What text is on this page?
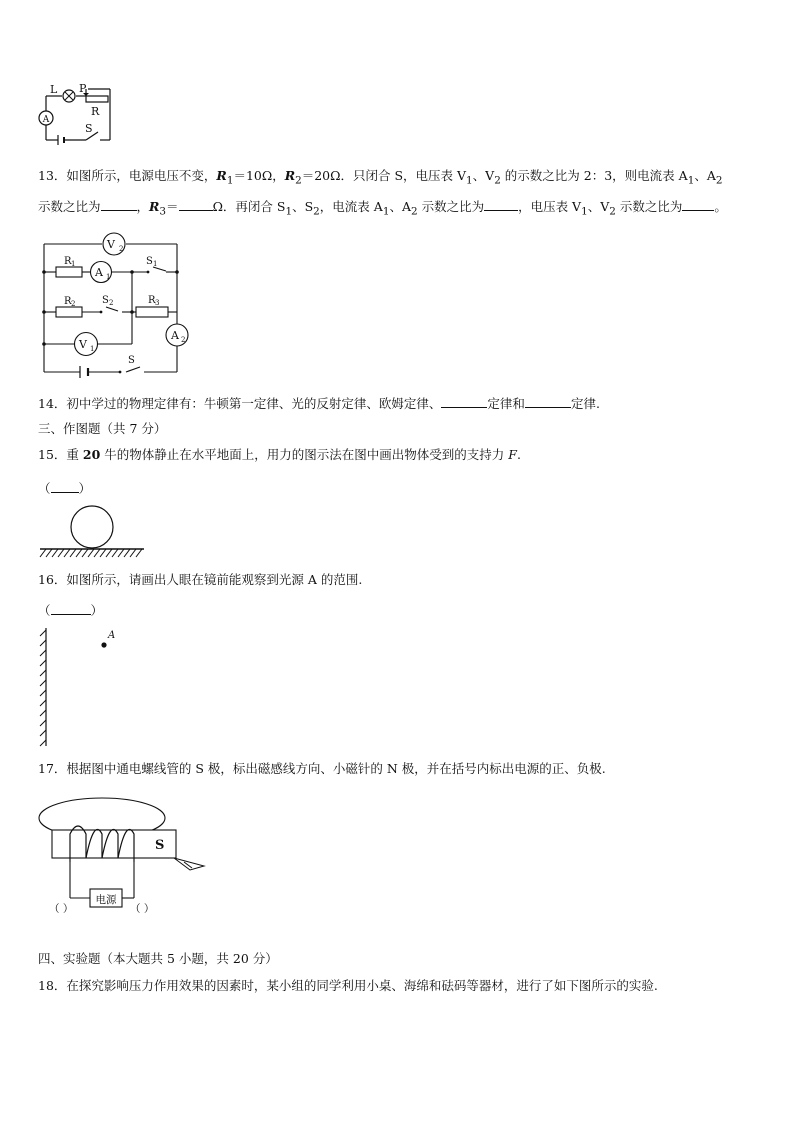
A
L P
R
S
13．如图所示，电源电压不变，$R_1=10\Omega$，$R_2=20\Omega$．只闭合 S，电压表 $V_1$、$V_2$ 的示数之比为 2：3，则电流表 $A_1$、$A_2$
示数之比为	，$R_3=$	Ω．再闭合 $S_1$、$S_2$，电流表 $A_1$、$A_2$ 示数之比为	，电压表 $V_1$、$V_2$ 示数之比为	。
V 2
R 1
A 1
S 1
R 2	S 2	R 3
A 2
V 1
S
14．初中学过的物理定律有：牛顿第一定律、光的反射定律、欧姆定律、	定律和	定律.
三、作图题（共 7 分）
15．重 20 牛的物体静止在水平地面上，用力的图示法在图中画出物体受到的支持力 F.
（ ）
16．如图所示，请画出人眼在镜前能观察到光源 A 的范围.
（	）
A
17．根据图中通电螺线管的 S 极，标出磁感线方向、小磁针的 N 极，并在括号内标出电源的正、负极.
S
电源
（ ）	（ ）
四、实验题（本大题共 5 小题，共 20 分）
18．在探究影响压力作用效果的因素时，某小组的同学利用小桌、海绵和砝码等器材，进行了如下图所示的实验.
